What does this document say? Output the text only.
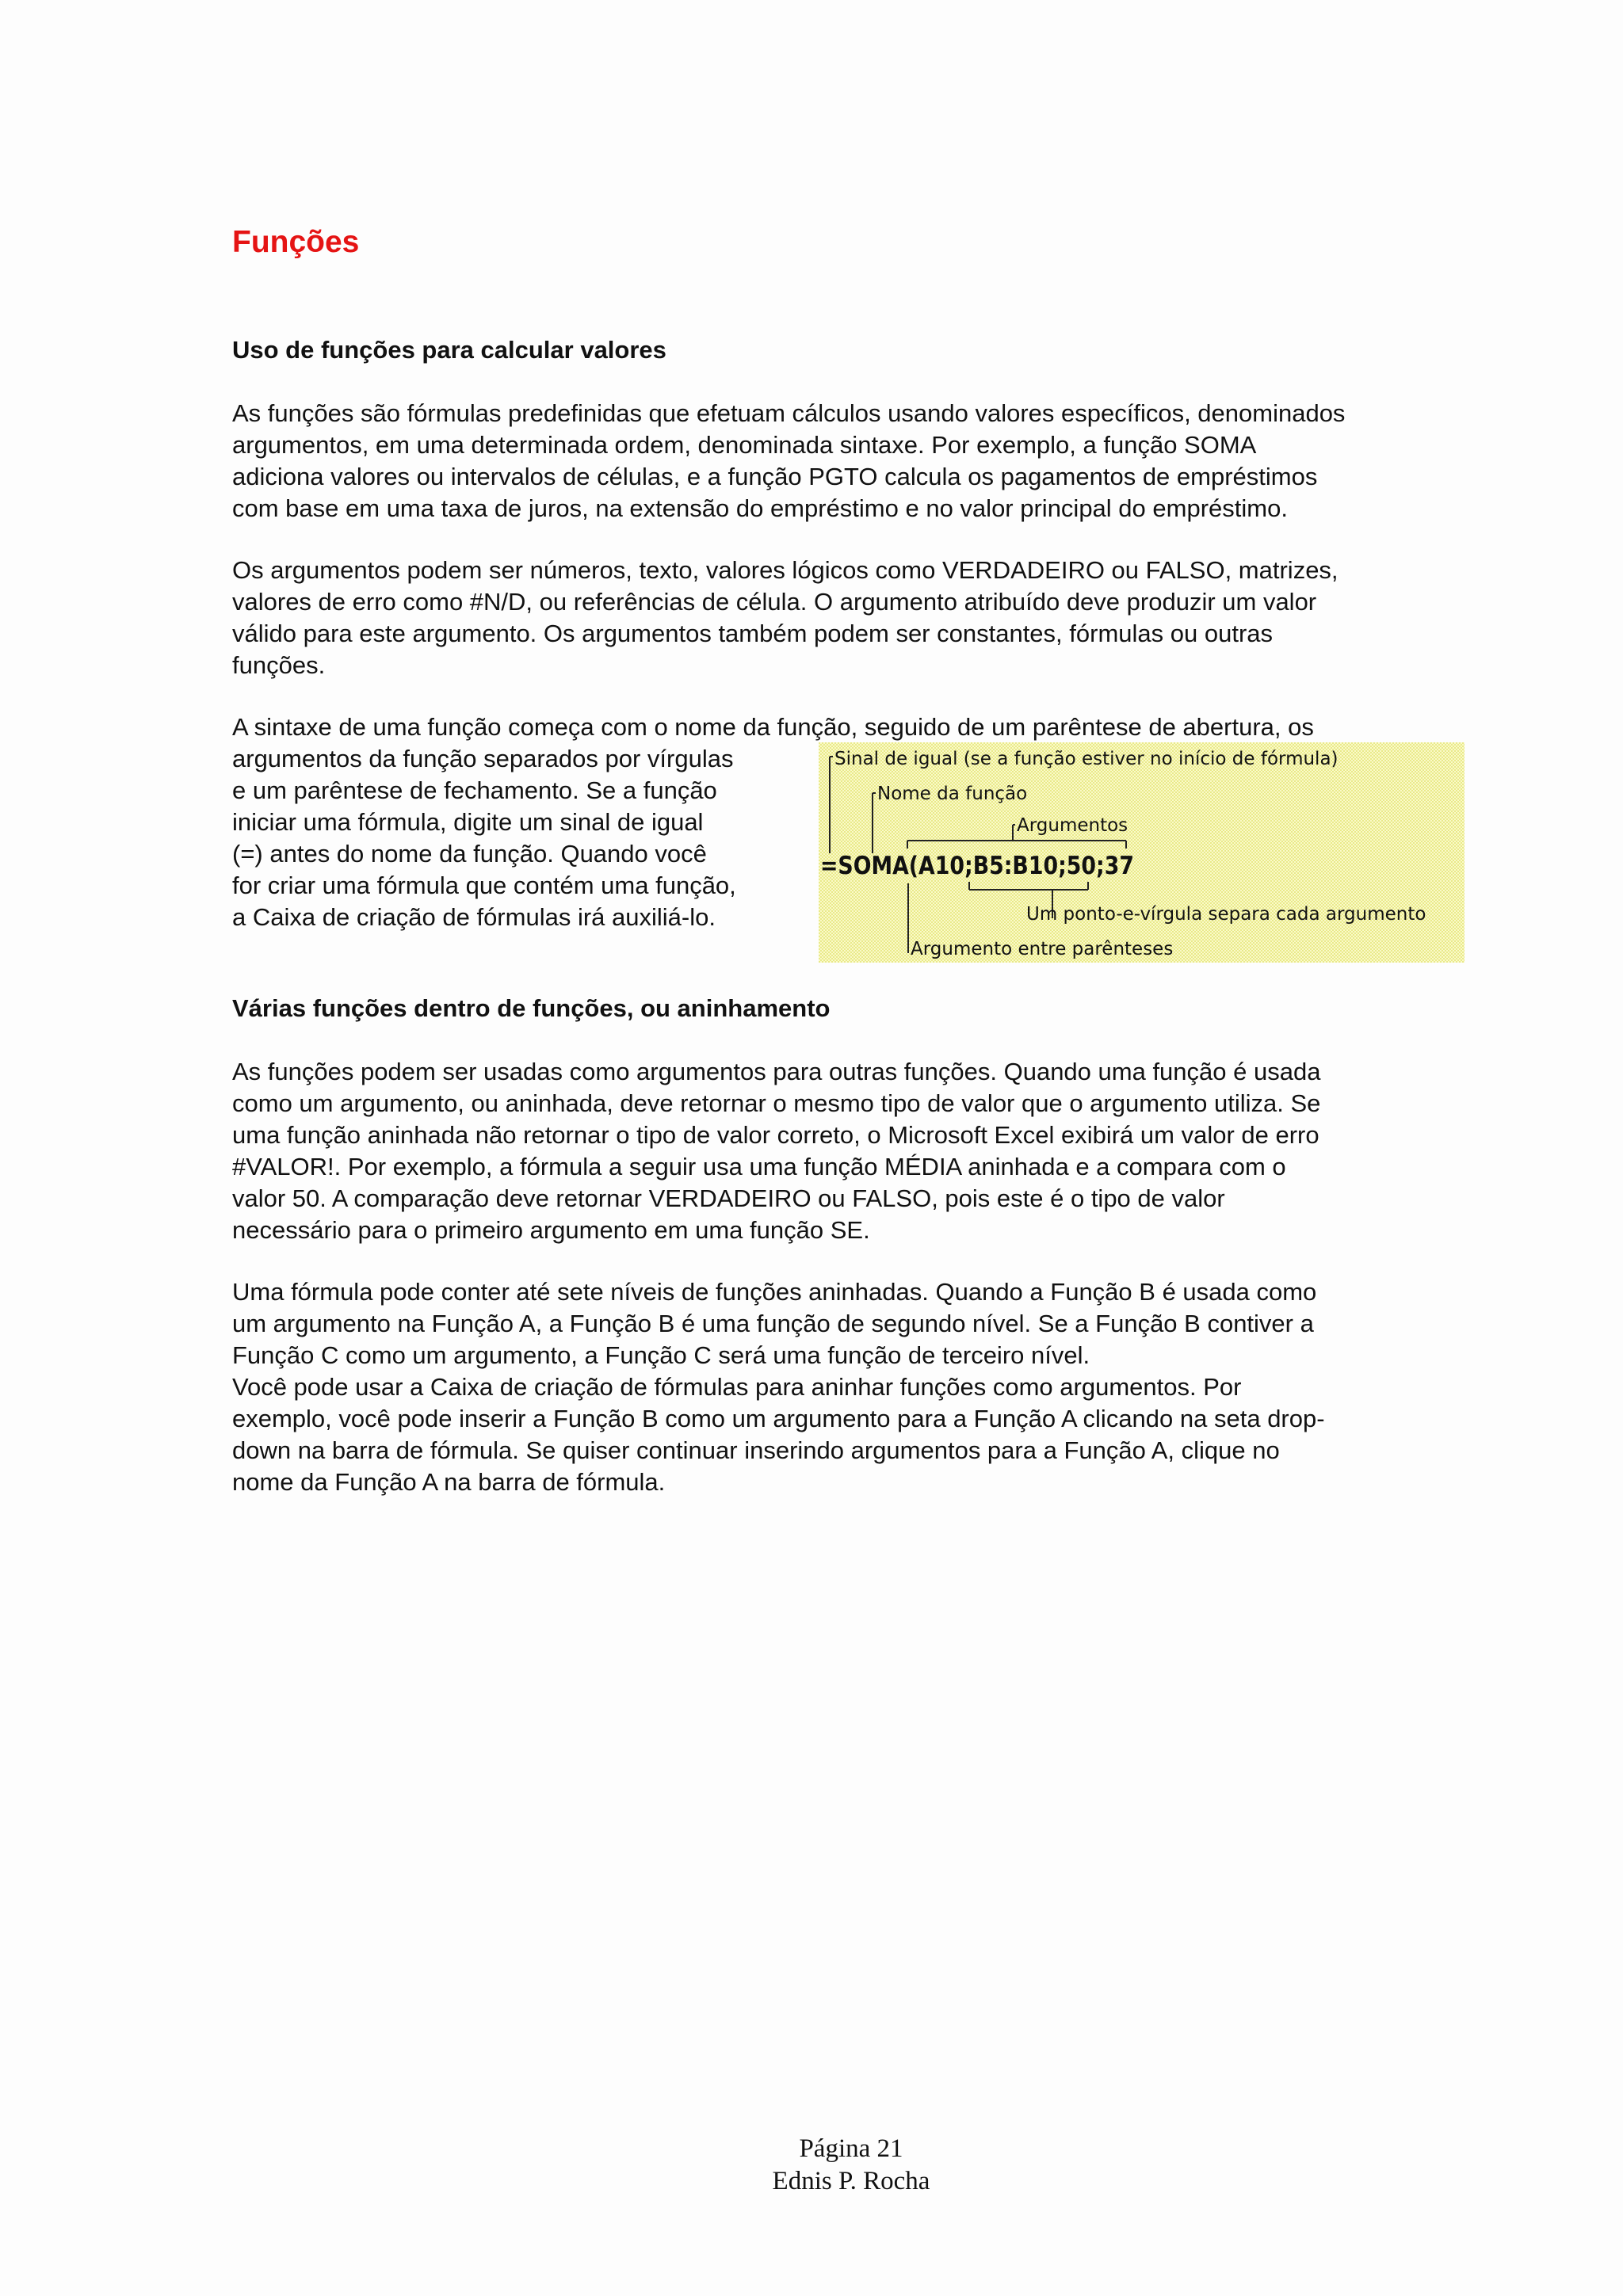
Funções
Uso de funções para calcular valores

As funções são fórmulas predefinidas que efetuam cálculos usando valores específicos, denominados
argumentos, em uma determinada ordem, denominada sintaxe. Por exemplo, a função SOMA
adiciona valores ou intervalos de células, e a função PGTO calcula os pagamentos de empréstimos
com base em uma taxa de juros, na extensão do empréstimo e no valor principal do empréstimo.

Os argumentos podem ser números, texto, valores lógicos como VERDADEIRO ou FALSO, matrizes,
valores de erro como #N/D, ou referências de célula. O argumento atribuído deve produzir um valor
válido para este argumento. Os argumentos também podem ser constantes, fórmulas ou outras
funções.

A sintaxe de uma função começa com o nome da função, seguido de um parêntese de abertura, os
argumentos da função separados por vírgulas
e um parêntese de fechamento. Se a função
iniciar uma fórmula, digite um sinal de igual
(=) antes do nome da função. Quando você
for criar uma fórmula que contém uma função,
a Caixa de criação de fórmulas irá auxiliá-lo.

Sinal de igual (se a função estiver no início de fórmula)
Nome da função
Argumentos
=SOMA(A10;B5:B10;50;37
Um ponto-e-vírgula separa cada argumento
Argumento entre parênteses
Várias funções dentro de funções, ou aninhamento

As funções podem ser usadas como argumentos para outras funções. Quando uma função é usada
como um argumento, ou aninhada, deve retornar o mesmo tipo de valor que o argumento utiliza. Se
uma função aninhada não retornar o tipo de valor correto, o Microsoft Excel exibirá um valor de erro
#VALOR!. Por exemplo, a fórmula a seguir usa uma função MÉDIA aninhada e a compara com o
valor 50. A comparação deve retornar VERDADEIRO ou FALSO, pois este é o tipo de valor
necessário para o primeiro argumento em uma função SE.

Uma fórmula pode conter até sete níveis de funções aninhadas. Quando a Função B é usada como
um argumento na Função A, a Função B é uma função de segundo nível. Se a Função B contiver a
Função C como um argumento, a Função C será uma função de terceiro nível.
Você pode usar a Caixa de criação de fórmulas para aninhar funções como argumentos. Por
exemplo, você pode inserir a Função B como um argumento para a Função A clicando na seta drop-
down na barra de fórmula. Se quiser continuar inserindo argumentos para a Função A, clique no
nome da Função A na barra de fórmula.

Página 21

Ednis P. Rocha
